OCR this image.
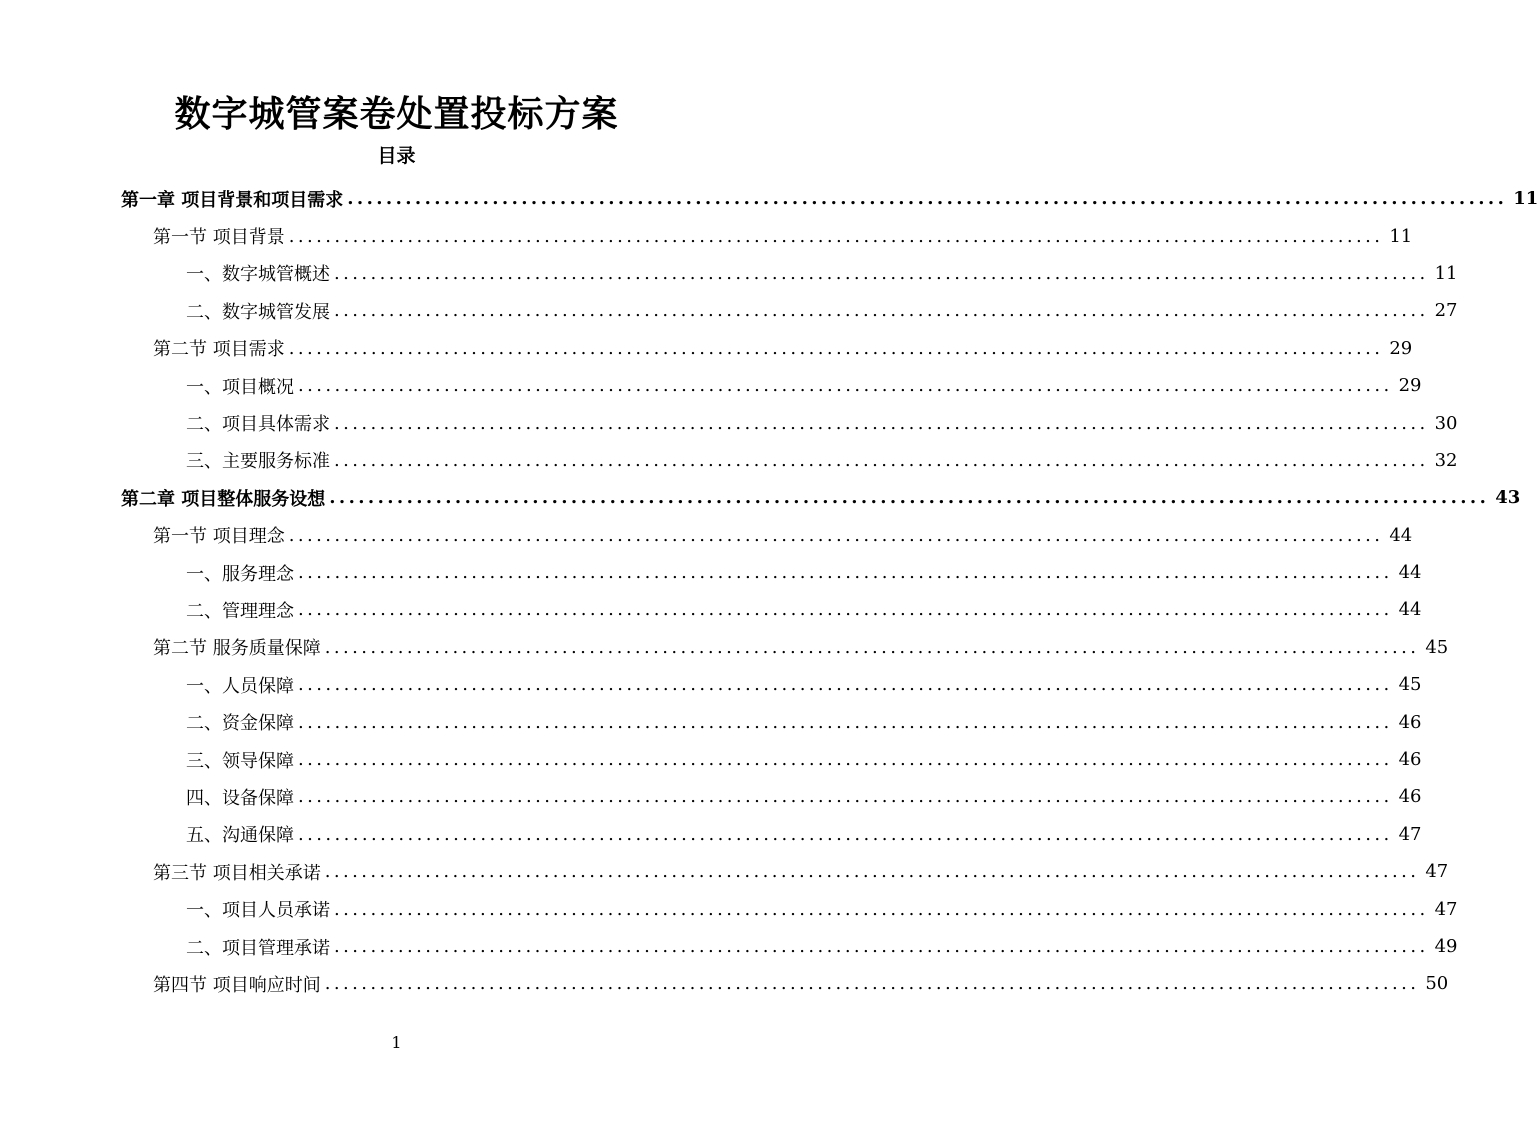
数字城管案卷处置投标方案
目录
第一章 项目背景和项目需求 ........................................................................................................................ 11
第一节 项目背景 ........................................................................................................................ 11
一、数字城管概述 ........................................................................................................................ 11
二、数字城管发展 ........................................................................................................................ 27
第二节 项目需求 ........................................................................................................................ 29
一、项目概况 ........................................................................................................................ 29
二、项目具体需求 ........................................................................................................................ 30
三、主要服务标准 ........................................................................................................................ 32
第二章 项目整体服务设想 ........................................................................................................................ 43
第一节 项目理念 ........................................................................................................................ 44
一、服务理念 ........................................................................................................................ 44
二、管理理念 ........................................................................................................................ 44
第二节 服务质量保障 ........................................................................................................................ 45
一、人员保障 ........................................................................................................................ 45
二、资金保障 ........................................................................................................................ 46
三、领导保障 ........................................................................................................................ 46
四、设备保障 ........................................................................................................................ 46
五、沟通保障 ........................................................................................................................ 47
第三节 项目相关承诺 ........................................................................................................................ 47
一、项目人员承诺 ........................................................................................................................ 47
二、项目管理承诺 ........................................................................................................................ 49
第四节 项目响应时间 ........................................................................................................................ 50
1
